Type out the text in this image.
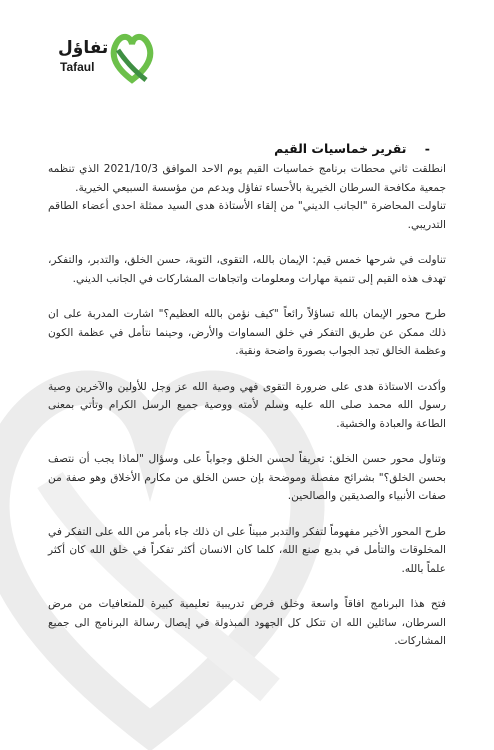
تفاؤل
Tafaul
- تقرير خماسيات القيم

انطلقت ثاني محطات برنامج خماسيات القيم يوم الاحد الموافق 2021/10/3 الذي تنظمه جمعية مكافحة السرطان الخيرية بالأحساء تفاؤل وبدعم من مؤسسة السبيعي الخيرية.

تناولت المحاضرة "الجانب الديني" من إلقاء الأستاذة هدى السيد ممثلة احدى أعضاء الطاقم التدريبي.

تناولت في شرحها خمس قيم: الإيمان بالله، التقوى، التوبة، حسن الخلق، والتدبر، والتفكر، تهدف هذه القيم إلى تنمية مهارات ومعلومات واتجاهات المشاركات في الجانب الديني.

طرح محور الإيمان بالله تساؤلاً رائعاً "كيف نؤمن بالله العظيم؟" اشارت المدربة على ان ذلك ممكن عن طريق التفكر في خلق السماوات والأرض، وحينما نتأمل في عظمة الكون وعظمة الخالق تجد الجواب بصورة واضحة ونقية.

وأكدت الاستاذة هدى على ضرورة التقوى فهي وصية الله عز وجل للأولين والآخرين وصية رسول الله محمد صلى الله عليه وسلم لأمته ووصية جميع الرسل الكرام وتأتي بمعنى الطاعة والعبادة والخشية.

وتناول محور حسن الخلق: تعريفاً لحسن الخلق وجواباً على وسؤال "لماذا يجب أن نتصف بحسن الخلق؟" بشرائح مفصلة وموضحة بإن حسن الخلق من مكارم الأخلاق وهو صفة من صفات الأنبياء والصديقين والصالحين.

طرح المحور الأخير مفهوماً لتفكر والتدبر مبيناً على ان ذلك جاء بأمر من الله على التفكر في المخلوقات والتأمل في بديع صنع الله، كلما كان الانسان أكثر تفكراً في خلق الله كان أكثر علماً بالله.

فتح هذا البرنامج افاقاً واسعة وخلق فرص تدريبية تعليمية كبيرة للمتعافيات من مرض السرطان، سائلين الله ان تتكل كل الجهود المبذولة في إيصال رسالة البرنامج الى جميع المشاركات.
